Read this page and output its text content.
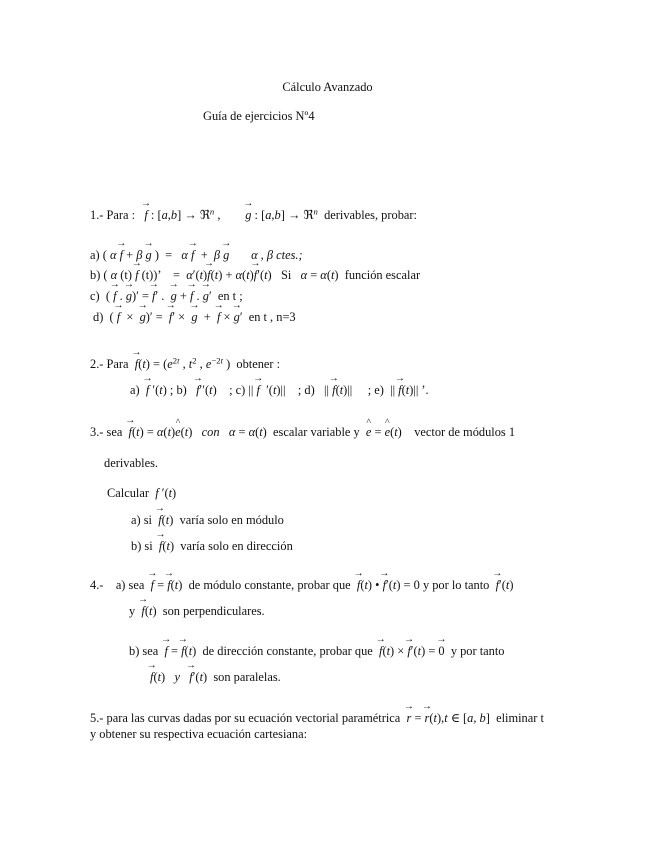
Cálculo Avanzado
Guía de ejercicios Nº4
1.- Para : → f : [a,b] → ℜ$^n$ , → g : [a,b] → ℜ$^n$ derivables, probar:
a) ( α → f + β → g )  =   α → f  +  β → g α , β ctes.;
b) ( α (t) → f (t))’    =  α′(t)→ f(t) + α(t)→ f′(t)   Si α = α(t)  función escalar
c)  ( → f . → g)′ = → f′ .  → g + → f . → g′  en t ;
d)  ( → f  ×  → g)′ =  → f′ ×  → g  +  → f × → g′  en t , n=3
2.- Para → $f(t) = (e^{2t}$ , $t^2$ , $e^{-2t}$ )  obtener :
a) → f ′(t) ; b) → f′′(t)    ; c) || → f  ′(t)||    ; d)   || → f(t)||     ; e)  || → f(t)|| ’.
3.- sea → f(t) = α(t)^ e(t)   con α = α(t)  escalar variable y ^ e = ^ e(t)    vector de módulos 1
derivables.
Calcular f ′(t)
a) si → f(t)  varía solo en módulo
b) si → f(t)  varía solo en dirección
4.- a) sea → f = → f(t)  de módulo constante, probar que → f(t) • → f′(t) = 0 y por lo tanto → f′(t)
y → f(t)  son perpendiculares.
b) sea → f = → f(t)  de dirección constante, probar que → f(t) × → f′(t) = → 0 y por tanto
→ f(t)   y → f′(t)  son paralelas.
5.- para las curvas dadas por su ecuación vectorial paramétrica → r = → r(t),t ∈ [a, b]  eliminar t
y obtener su respectiva ecuación cartesiana:
